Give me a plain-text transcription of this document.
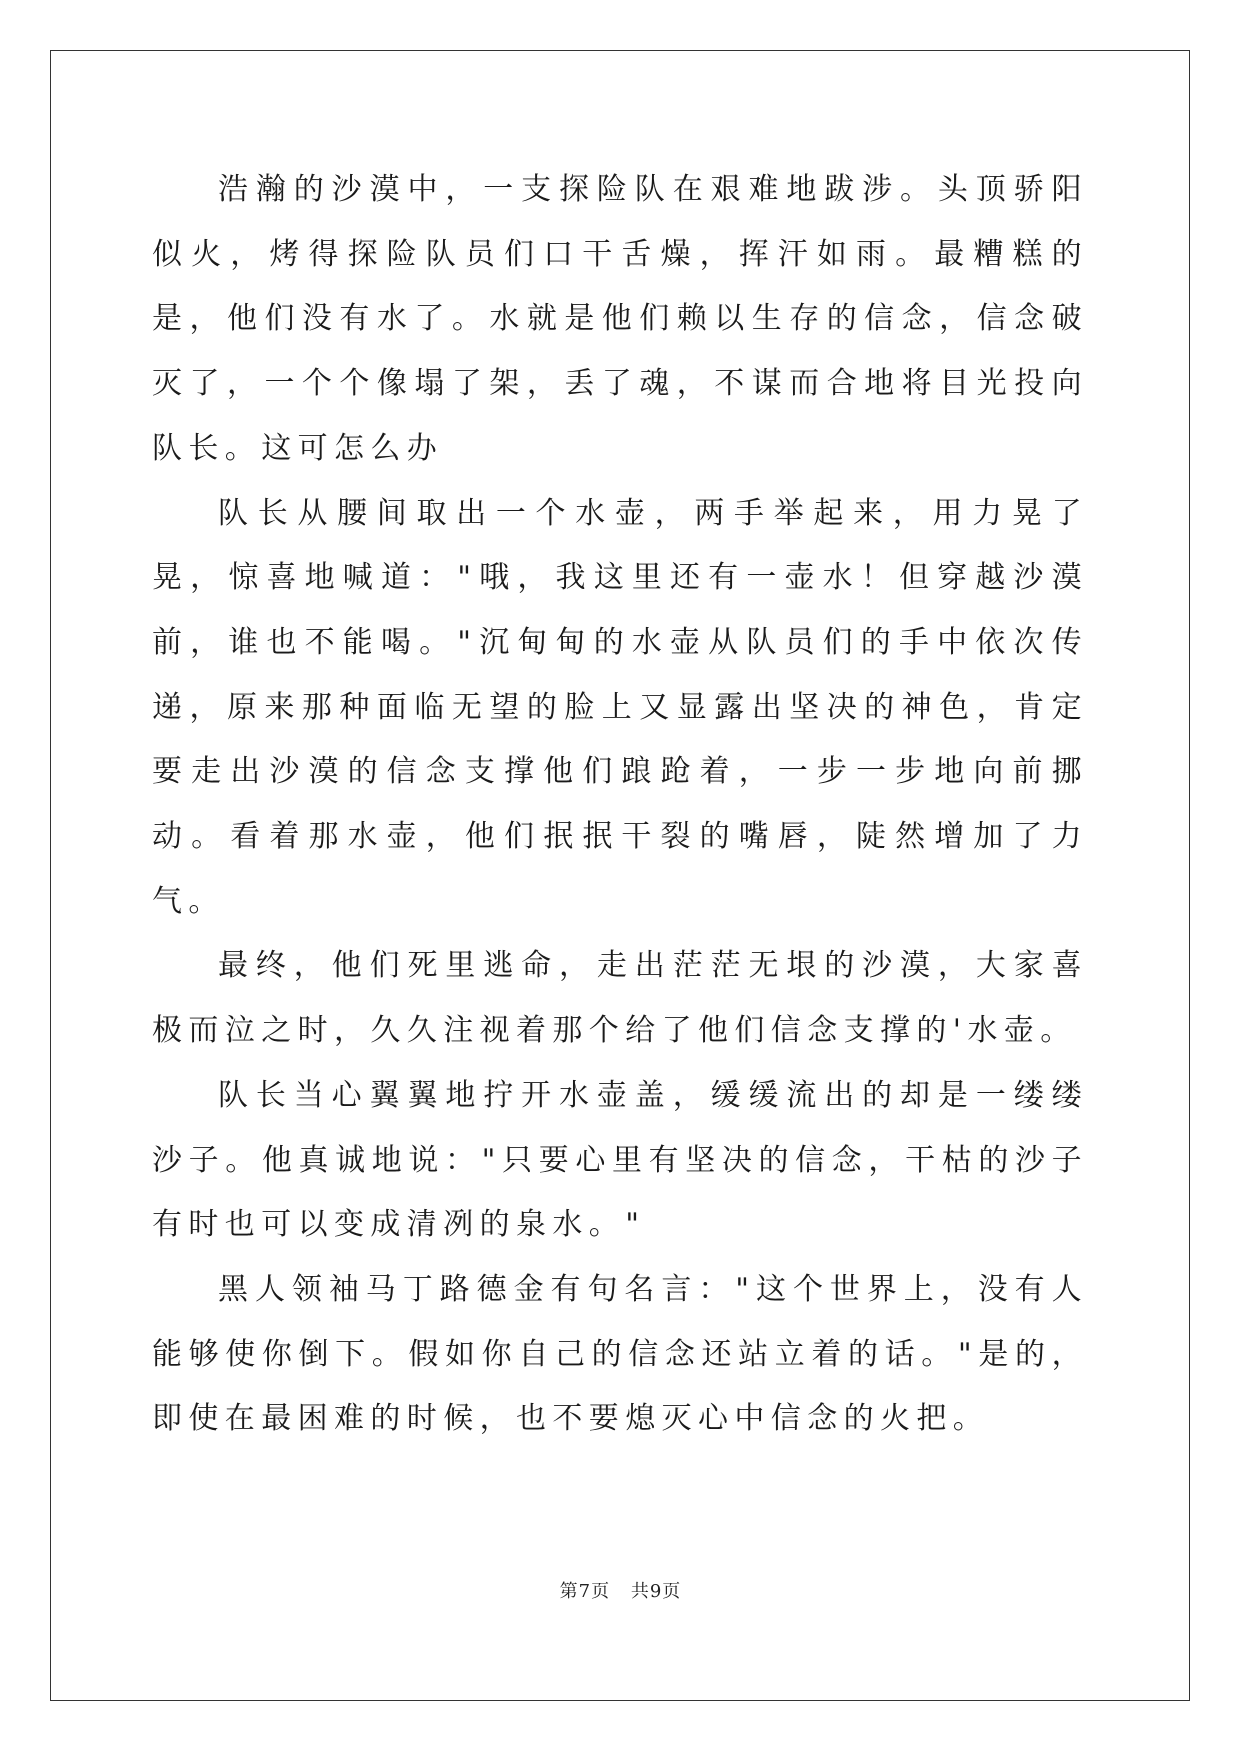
浩瀚的沙漠中，一支探险队在艰难地跋涉。头顶骄阳似火，烤得探险队员们口干舌燥，挥汗如雨。最糟糕的是，他们没有水了。水就是他们赖以生存的信念，信念破灭了，一个个像塌了架，丢了魂，不谋而合地将目光投向队长。这可怎么办

队长从腰间取出一个水壶，两手举起来，用力晃了晃，惊喜地喊道："哦，我这里还有一壶水！但穿越沙漠前，谁也不能喝。"沉甸甸的水壶从队员们的手中依次传递，原来那种面临无望的脸上又显露出坚决的神色，肯定要走出沙漠的信念支撑他们踉跄着，一步一步地向前挪动。看着那水壶，他们抿抿干裂的嘴唇，陡然增加了力气。

最终，他们死里逃命，走出茫茫无垠的沙漠，大家喜极而泣之时，久久注视着那个给了他们信念支撑的'水壶。

队长当心翼翼地拧开水壶盖，缓缓流出的却是一缕缕沙子。他真诚地说："只要心里有坚决的信念，干枯的沙子有时也可以变成清冽的泉水。"

黑人领袖马丁路德金有句名言："这个世界上，没有人能够使你倒下。假如你自己的信念还站立着的话。"是的，即使在最困难的时候，也不要熄灭心中信念的火把。

第7页 共9页
